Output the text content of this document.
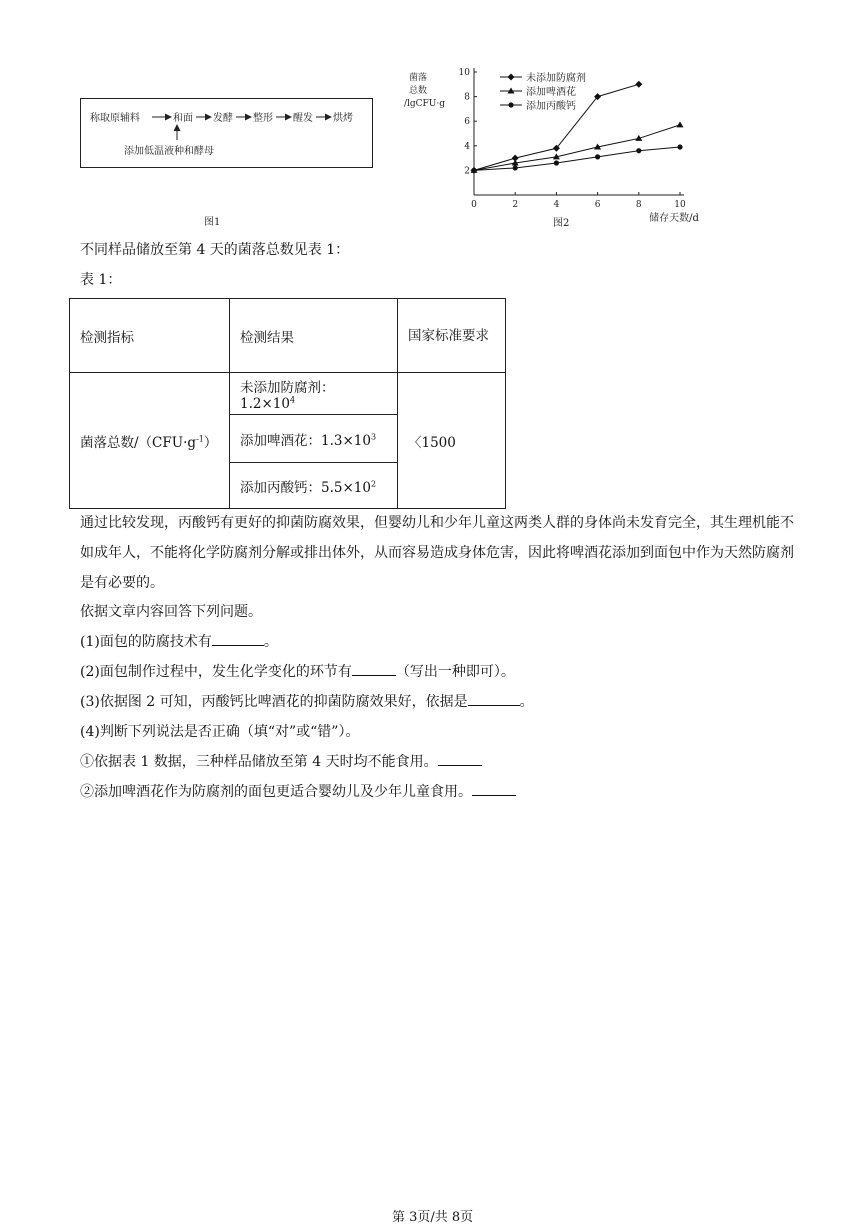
称取原辅料	和面 发酵 整形 醒发 烘烤
添加低温液种和酵母
图1
菌落
总数
/lgCFU·g
0	2	4	6	8	10
2
4
6
8
10
储存天数/d
未添加防腐剂
添加啤酒花
添加丙酸钙
图2
不同样品储放至第 4 天的菌落总数见表 1：
表 1：
检测指标	检测结果	国家标准要求
菌落总数$/(CFU\cdot g^{-1})$	未添加防腐剂：$1.2\times 10^4$	〈1500
	添加啤酒花：$1.3\times 10^3$
	添加丙酸钙：$5.5\times 10^2$
通过比较发现，丙酸钙有更好的抑菌防腐效果，但婴幼儿和少年儿童这两类人群的身体尚未发育完全，其生理机能不如成年人，不能将化学防腐剂分解或排出体外，从而容易造成身体危害，因此将啤酒花添加到面包中作为天然防腐剂是有必要的。
依据文章内容回答下列问题。
(1)面包的防腐技术有	。
(2)面包制作过程中，发生化学变化的环节有	（写出一种即可）。
(3)依据图 2 可知，丙酸钙比啤酒花的抑菌防腐效果好，依据是	。
(4)判断下列说法是否正确（填“对”或“错”）。
①依据表 1 数据，三种样品储放至第 4 天时均不能食用。
②添加啤酒花作为防腐剂的面包更适合婴幼儿及少年儿童食用。
第 3页/共 8页
